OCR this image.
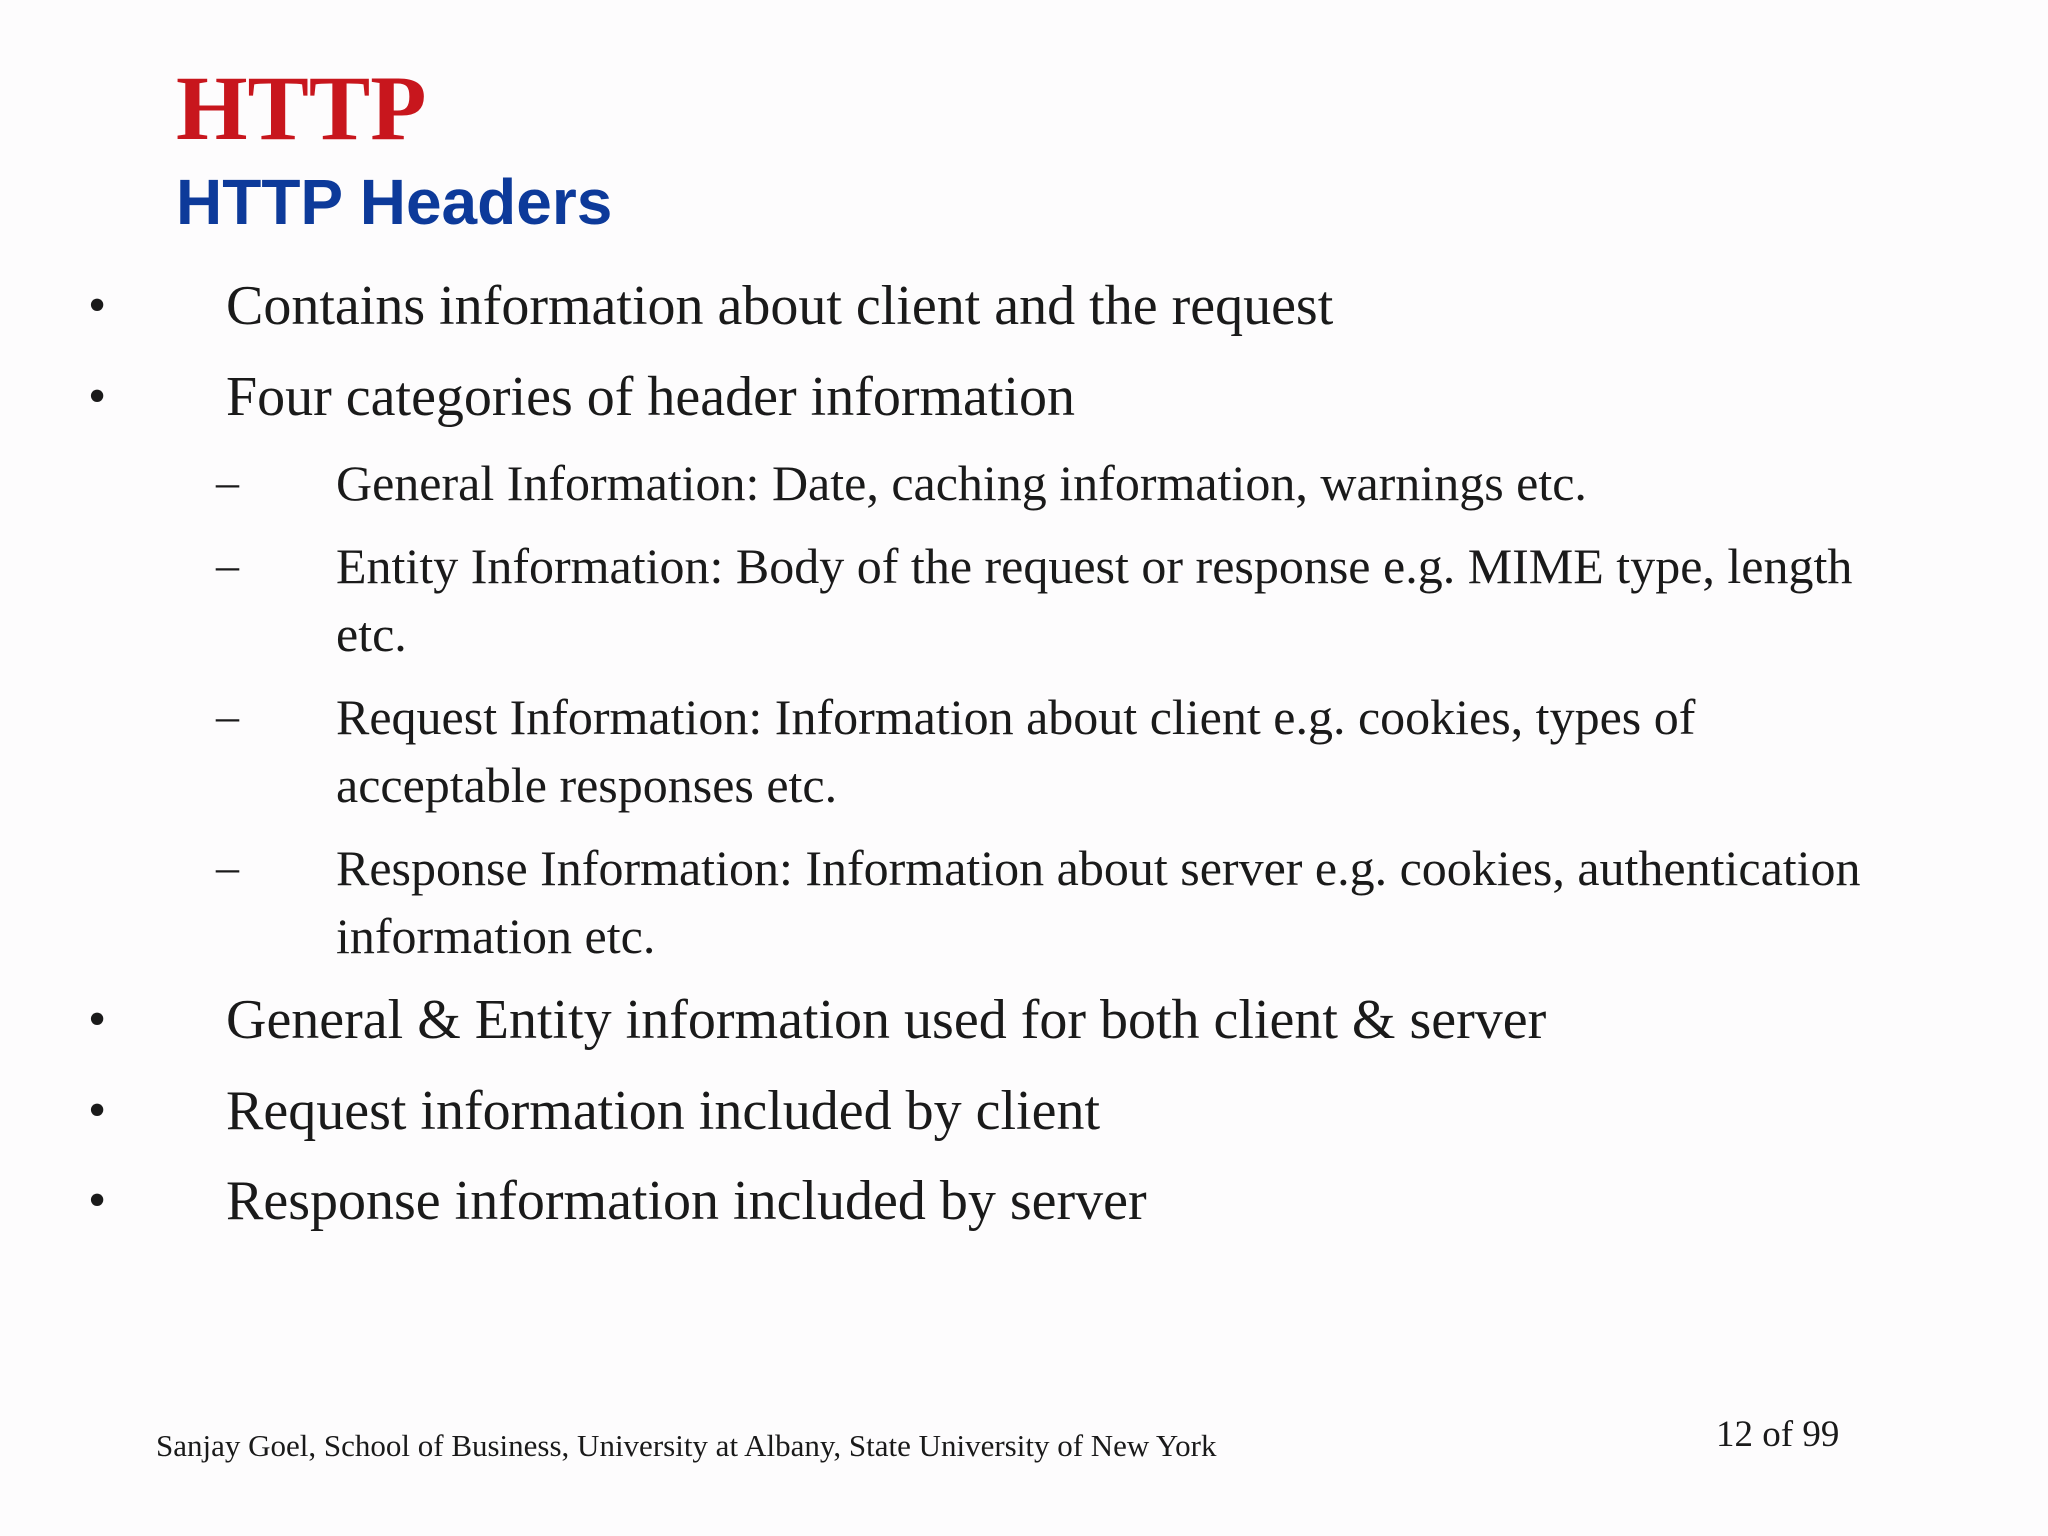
HTTP
HTTP Headers
• Contains information about client and the request
• Four categories of header information
– General Information: Date, caching information, warnings etc.
– Entity Information: Body of the request or response e.g. MIME type, length etc.
– Request Information: Information about client e.g. cookies, types of acceptable responses etc.
– Response Information: Information about server e.g. cookies, authentication information etc.
• General & Entity information used for both client & server
• Request information included by client
• Response information included by server
Sanjay Goel, School of Business, University at Albany, State University of New York	12 of 99
